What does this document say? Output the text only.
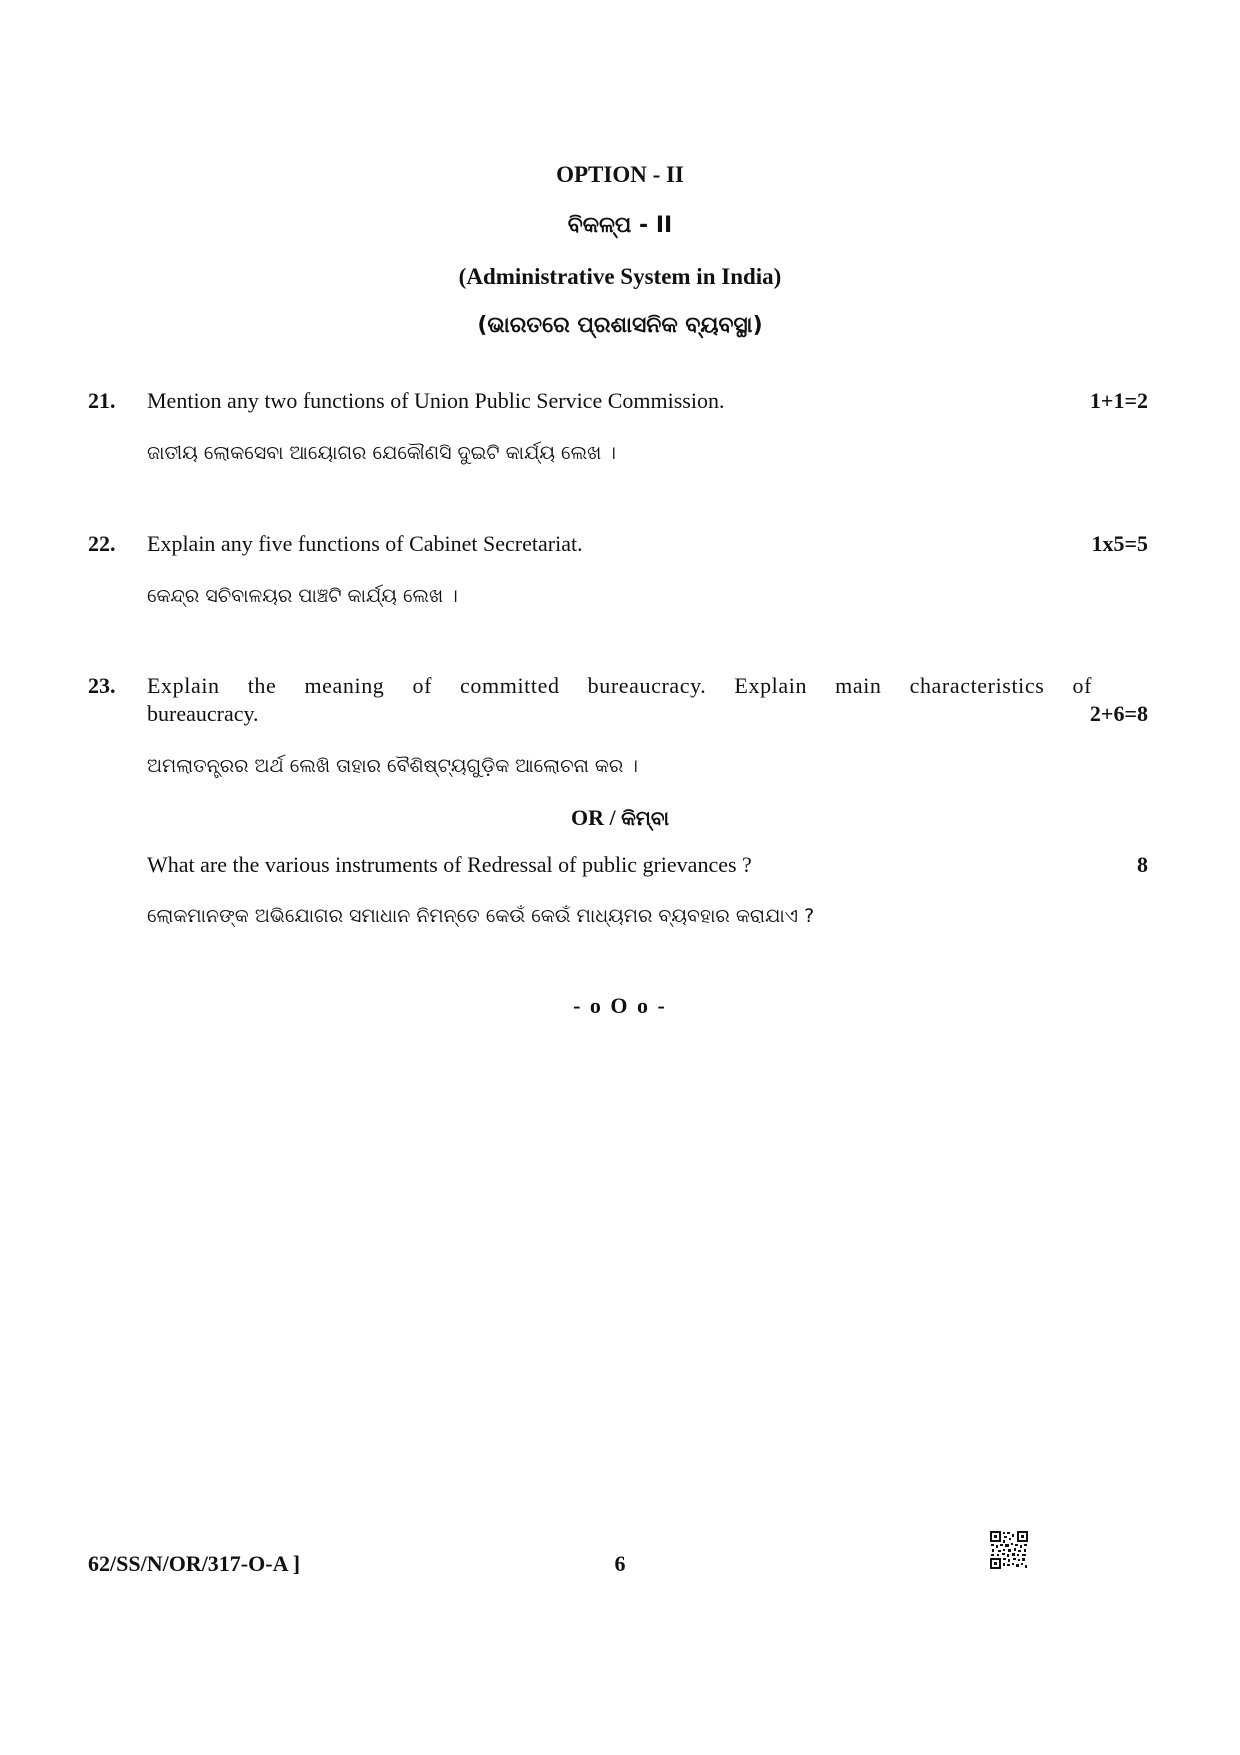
OPTION - II
ବିକଳ୍ପ - II
(Administrative System in India)
(ଭାରତରେ ପ୍ରଶାସନିକ ବ୍ୟବସ୍ଥା)
21. Mention any two functions of Union Public Service Commission.	1+1=2
ଜାତୀୟ ଲୋକସେବା ଆୟୋଗର ଯେକୌଣସି ଦୁଇଟି କାର୍ଯ୍ୟ ଲେଖ ।
22. Explain any five functions of Cabinet Secretariat.	1x5=5
କେନ୍ଦ୍ର ସଚିବାଳୟର ପାଞ୍ଚଟି କାର୍ଯ୍ୟ ଲେଖ ।
23. Explain the meaning of committed bureaucracy. Explain main characteristics of
bureaucracy.	2+6=8
ଅମଲାତନ୍ତ୍ରର ଅର୍ଥ ଲେଖି ତାହାର ବୈଶିଷ୍ଟ୍ୟଗୁଡ଼ିକ ଆଲୋଚନା କର ।
OR / କିମ୍ବା
What are the various instruments of Redressal of public grievances ?	8
ଲୋକମାନଙ୍କ ଅଭିଯୋଗର ସମାଧାନ ନିମନ୍ତେ କେଉଁ କେଉଁ ମାଧ୍ୟମର ବ୍ୟବହାର କରାଯାଏ ?
- o O o -
62/SS/N/OR/317-O-A ]	6
